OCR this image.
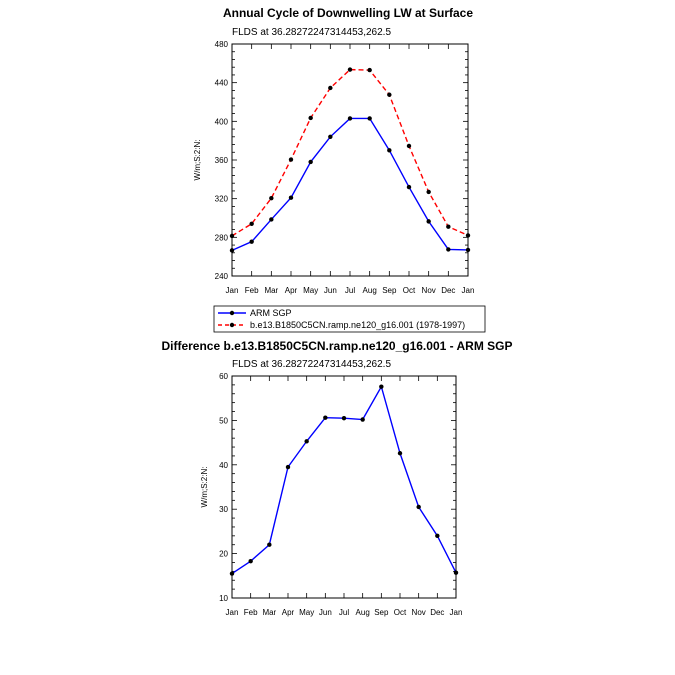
Annual Cycle of Downwelling LW at Surface
FLDS at 36.28272247314453,262.5
W/m;S:2:N:
Jan Feb Mar Apr May Jun Jul Aug Sep Oct Nov Dec Jan
240
280
320
360
400
440
480
ARM SGP
b.e13.B1850C5CN.ramp.ne120_g16.001 (1978-1997)
Difference b.e13.B1850C5CN.ramp.ne120_g16.001 - ARM SGP
FLDS at 36.28272247314453,262.5
W/m;S:2:N:
Jan Feb Mar Apr May Jun Jul Aug Sep Oct Nov Dec Jan
10
20
30
40
50
60
